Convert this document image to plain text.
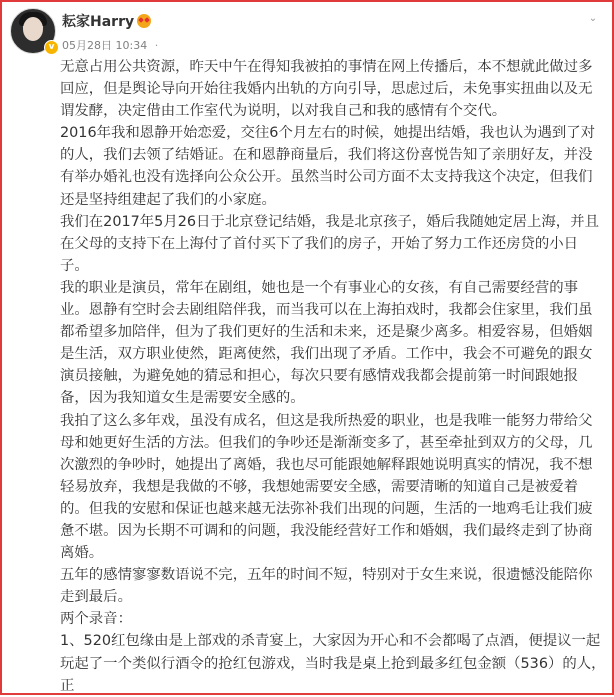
v
耘家Harry
05月28日 10:34 ·
⌄

无意占用公共资源，昨天中午在得知我被拍的事情在网上传播后，本不想就此做过多回应，但是舆论导向开始往我婚内出轨的方向引导，思虑过后，未免事实扭曲以及无谓发酵，决定借由工作室代为说明，以对我自己和我的感情有个交代。

2016年我和恩静开始恋爱，交往6个月左右的时候，她提出结婚，我也认为遇到了对的人，我们去领了结婚证。在和恩静商量后，我们将这份喜悦告知了亲朋好友，并没有举办婚礼也没有选择向公众公开。虽然当时公司方面不太支持我这个决定，但我们还是坚持组建起了我们的小家庭。

我们在2017年5月26日于北京登记结婚，我是北京孩子，婚后我随她定居上海，并且在父母的支持下在上海付了首付买下了我们的房子，开始了努力工作还房贷的小日子。

我的职业是演员，常年在剧组，她也是一个有事业心的女孩，有自己需要经营的事业。恩静有空时会去剧组陪伴我，而当我可以在上海拍戏时，我都会住家里，我们虽都希望多加陪伴，但为了我们更好的生活和未来，还是聚少离多。相爱容易，但婚姻是生活，双方职业使然，距离使然，我们出现了矛盾。工作中，我会不可避免的跟女演员接触，为避免她的猜忌和担心，每次只要有感情戏我都会提前第一时间跟她报备，因为我知道女生是需要安全感的。

我拍了这么多年戏，虽没有成名，但这是我所热爱的职业，也是我唯一能努力带给父母和她更好生活的方法。但我们的争吵还是渐渐变多了，甚至牵扯到双方的父母，几次激烈的争吵时，她提出了离婚，我也尽可能跟她解释跟她说明真实的情况，我不想轻易放弃，我想是我做的不够，我想她需要安全感，需要清晰的知道自己是被爱着的。但我的安慰和保证也越来越无法弥补我们出现的问题，生活的一地鸡毛让我们疲惫不堪。因为长期不可调和的问题，我没能经营好工作和婚姻，我们最终走到了协商离婚。

五年的感情寥寥数语说不完，五年的时间不短，特别对于女生来说，很遗憾没能陪你走到最后。

两个录音：

1、520红包缘由是上部戏的杀青宴上，大家因为开心和不会都喝了点酒，便提议一起玩起了一个类似行酒令的抢红包游戏，当时我是桌上抢到最多红包金额（536）的人，正
